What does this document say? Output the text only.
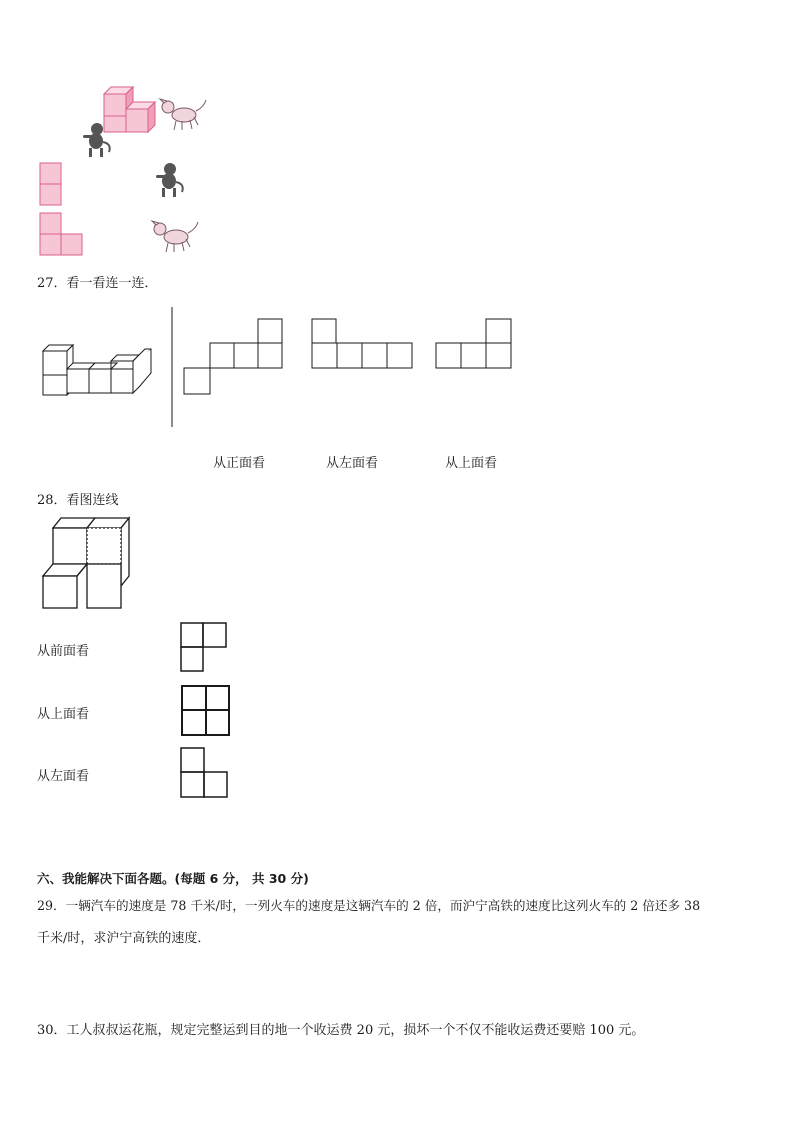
27．看一看连一连．
从正面看	从左面看	从上面看
28．看图连线
从前面看
从上面看
从左面看
六、我能解决下面各题。(每题 6 分， 共 30 分)
29．一辆汽车的速度是 78 千米/时，一列火车的速度是这辆汽车的 2 倍，而沪宁高铁的速度比这列火车的 2 倍还多 38
千米/时，求沪宁高铁的速度．
30．工人叔叔运花瓶，规定完整运到目的地一个收运费 20 元，损坏一个不仅不能收运费还要赔 100 元。
